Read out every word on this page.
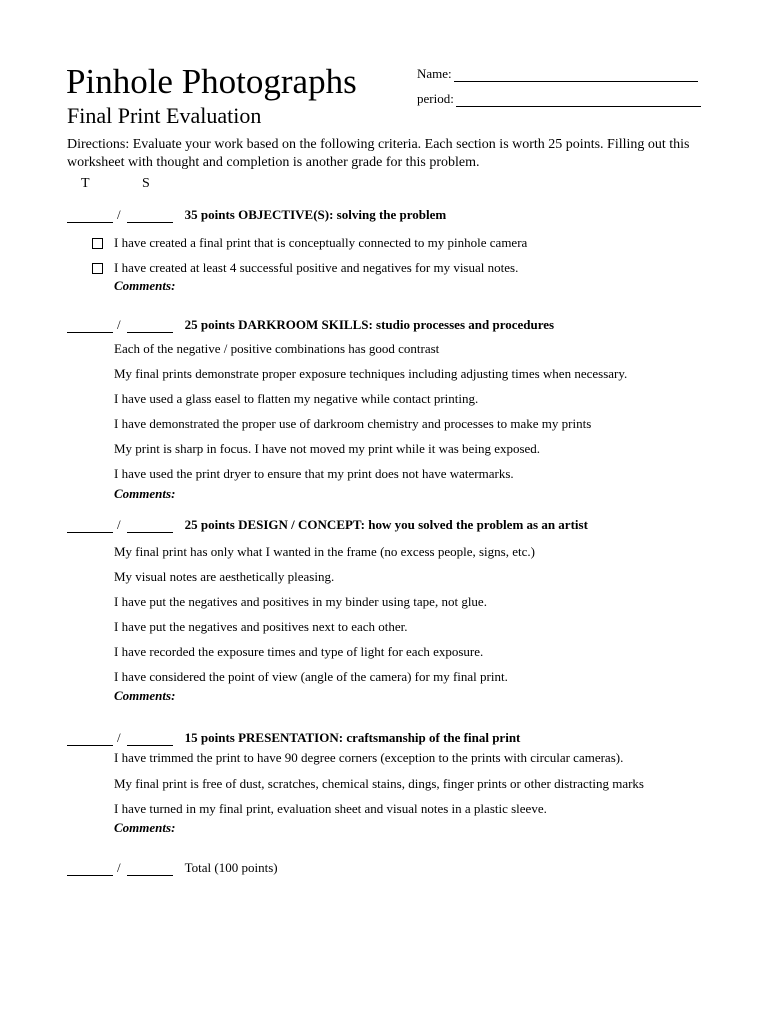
Pinhole Photographs
Final Print Evaluation
Name:
period:
Directions: Evaluate your work based on the following criteria. Each section is worth 25 points. Filling out this worksheet with thought and completion is another grade for this problem.
T	S
/	35 points OBJECTIVE(S): solving the problem
I have created a final print that is conceptually connected to my pinhole camera
I have created at least 4 successful positive and negatives for my visual notes.
Comments:
/	25 points DARKROOM SKILLS: studio processes and procedures
Each of the negative / positive combinations has good contrast
My final prints demonstrate proper exposure techniques including adjusting times when necessary.
I have used a glass easel to flatten my negative while contact printing.
I have demonstrated the proper use of darkroom chemistry and processes to make my prints
My print is sharp in focus. I have not moved my print while it was being exposed.
I have used the print dryer to ensure that my print does not have watermarks.
Comments:
/	25 points DESIGN / CONCEPT: how you solved the problem as an artist
My final print has only what I wanted in the frame (no excess people, signs, etc.)
My visual notes are aesthetically pleasing.
I have put the negatives and positives in my binder using tape, not glue.
I have put the negatives and positives next to each other.
I have recorded the exposure times and type of light for each exposure.
I have considered the point of view (angle of the camera) for my final print.
Comments:
/	15 points PRESENTATION: craftsmanship of the final print
I have trimmed the print to have 90 degree corners (exception to the prints with circular cameras).
My final print is free of dust, scratches, chemical stains, dings, finger prints or other distracting marks
I have turned in my final print, evaluation sheet and visual notes in a plastic sleeve.
Comments:
/	Total (100 points)
